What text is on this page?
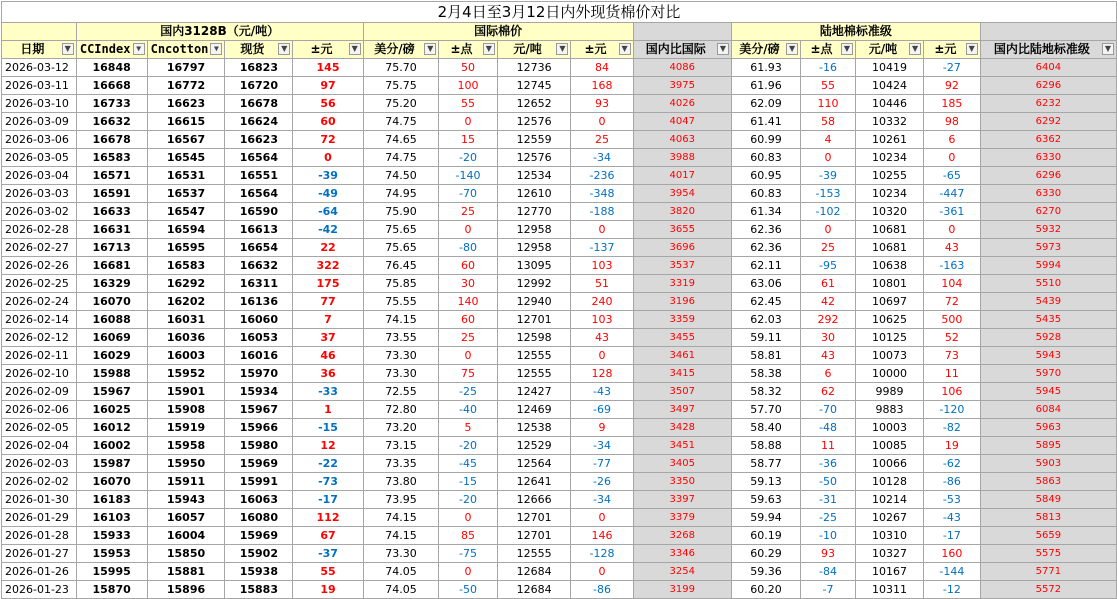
2月4日至3月12日内外现货棉价对比														
	国内3128B（元/吨）				国际棉价					陆地棉标准级				
日期 ▼	CCIndex ▼	Cncotton ▼	现货 ▼	±元 ▼	美分/磅 ▼	±点 ▼	元/吨 ▼	±元 ▼	国内比国际 ▼	美分/磅 ▼	±点 ▼	元/吨 ▼	±元 ▼	国内比陆地标准级 ▼

2026-03-12	16848	16797	16823	145	75.70	50	12736	84	4086	61.93	-16	10419	-27	6404
2026-03-11	16668	16772	16720	97	75.75	100	12745	168	3975	61.96	55	10424	92	6296
2026-03-10	16733	16623	16678	56	75.20	55	12652	93	4026	62.09	110	10446	185	6232
2026-03-09	16632	16615	16624	60	74.75	0	12576	0	4047	61.41	58	10332	98	6292
2026-03-06	16678	16567	16623	72	74.65	15	12559	25	4063	60.99	4	10261	6	6362
2026-03-05	16583	16545	16564	0	74.75	-20	12576	-34	3988	60.83	0	10234	0	6330
2026-03-04	16571	16531	16551	-39	74.50	-140	12534	-236	4017	60.95	-39	10255	-65	6296
2026-03-03	16591	16537	16564	-49	74.95	-70	12610	-348	3954	60.83	-153	10234	-447	6330
2026-03-02	16633	16547	16590	-64	75.90	25	12770	-188	3820	61.34	-102	10320	-361	6270
2026-02-28	16631	16594	16613	-42	75.65	0	12958	0	3655	62.36	0	10681	0	5932
2026-02-27	16713	16595	16654	22	75.65	-80	12958	-137	3696	62.36	25	10681	43	5973
2026-02-26	16681	16583	16632	322	76.45	60	13095	103	3537	62.11	-95	10638	-163	5994
2026-02-25	16329	16292	16311	175	75.85	30	12992	51	3319	63.06	61	10801	104	5510
2026-02-24	16070	16202	16136	77	75.55	140	12940	240	3196	62.45	42	10697	72	5439
2026-02-14	16088	16031	16060	7	74.15	60	12701	103	3359	62.03	292	10625	500	5435
2026-02-12	16069	16036	16053	37	73.55	25	12598	43	3455	59.11	30	10125	52	5928
2026-02-11	16029	16003	16016	46	73.30	0	12555	0	3461	58.81	43	10073	73	5943
2026-02-10	15988	15952	15970	36	73.30	75	12555	128	3415	58.38	6	10000	11	5970
2026-02-09	15967	15901	15934	-33	72.55	-25	12427	-43	3507	58.32	62	9989	106	5945
2026-02-06	16025	15908	15967	1	72.80	-40	12469	-69	3497	57.70	-70	9883	-120	6084
2026-02-05	16012	15919	15966	-15	73.20	5	12538	9	3428	58.40	-48	10003	-82	5963
2026-02-04	16002	15958	15980	12	73.15	-20	12529	-34	3451	58.88	11	10085	19	5895
2026-02-03	15987	15950	15969	-22	73.35	-45	12564	-77	3405	58.77	-36	10066	-62	5903
2026-02-02	16070	15911	15991	-73	73.80	-15	12641	-26	3350	59.13	-50	10128	-86	5863
2026-01-30	16183	15943	16063	-17	73.95	-20	12666	-34	3397	59.63	-31	10214	-53	5849
2026-01-29	16103	16057	16080	112	74.15	0	12701	0	3379	59.94	-25	10267	-43	5813
2026-01-28	15933	16004	15969	67	74.15	85	12701	146	3268	60.19	-10	10310	-17	5659
2026-01-27	15953	15850	15902	-37	73.30	-75	12555	-128	3346	60.29	93	10327	160	5575
2026-01-26	15995	15881	15938	55	74.05	0	12684	0	3254	59.36	-84	10167	-144	5771
2026-01-23	15870	15896	15883	19	74.05	-50	12684	-86	3199	60.20	-7	10311	-12	5572
